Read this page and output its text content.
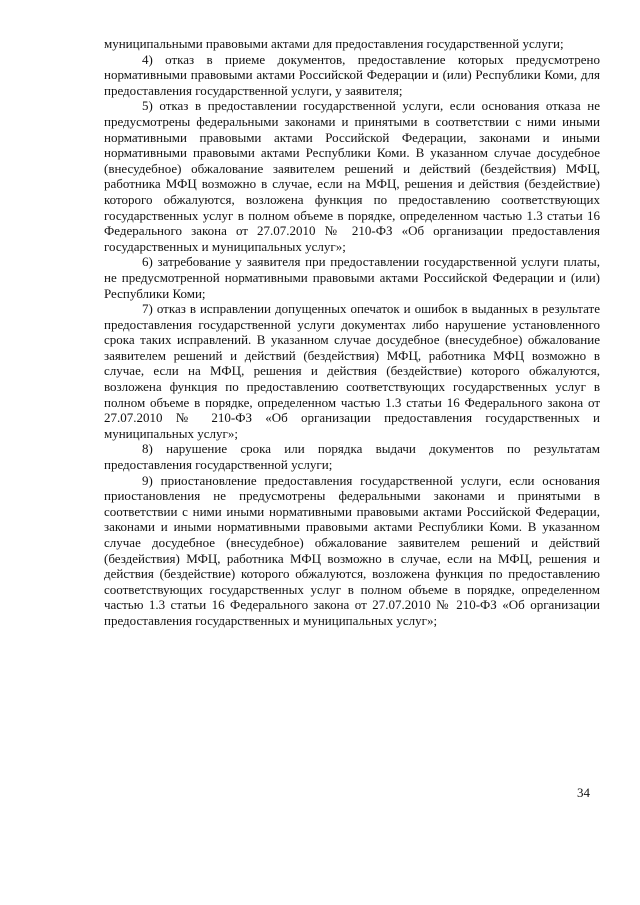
муниципальными правовыми актами для предоставления государственной услуги;

4) отказ в приеме документов, предоставление которых предусмотрено нормативными правовыми актами Российской Федерации и (или) Республики Коми, для предоставления государственной услуги, у заявителя;

5) отказ в предоставлении государственной услуги, если основания отказа не предусмотрены федеральными законами и принятыми в соответствии с ними иными нормативными правовыми актами Российской Федерации, законами и иными нормативными правовыми актами Республики Коми. В указанном случае досудебное (внесудебное) обжалование заявителем решений и действий (бездействия) МФЦ, работника МФЦ возможно в случае, если на МФЦ, решения и действия (бездействие) которого обжалуются, возложена функция по предоставлению соответствующих государственных услуг в полном объеме в порядке, определенном частью 1.3 статьи 16 Федерального закона от 27.07.2010 № 210-ФЗ «Об организации предоставления государственных и муниципальных услуг»;

6) затребование у заявителя при предоставлении государственной услуги платы, не предусмотренной нормативными правовыми актами Российской Федерации и (или) Республики Коми;

7) отказ в исправлении допущенных опечаток и ошибок в выданных в результате предоставления государственной услуги документах либо нарушение установленного срока таких исправлений. В указанном случае досудебное (внесудебное) обжалование заявителем решений и действий (бездействия) МФЦ, работника МФЦ возможно в случае, если на МФЦ, решения и действия (бездействие) которого обжалуются, возложена функция по предоставлению соответствующих государственных услуг в полном объеме в порядке, определенном частью 1.3 статьи 16 Федерального закона от 27.07.2010 № 210-ФЗ «Об организации предоставления государственных и муниципальных услуг»;

8) нарушение срока или порядка выдачи документов по результатам предоставления государственной услуги;

9) приостановление предоставления государственной услуги, если основания приостановления не предусмотрены федеральными законами и принятыми в соответствии с ними иными нормативными правовыми актами Российской Федерации, законами и иными нормативными правовыми актами Республики Коми. В указанном случае досудебное (внесудебное) обжалование заявителем решений и действий (бездействия) МФЦ, работника МФЦ возможно в случае, если на МФЦ, решения и действия (бездействие) которого обжалуются, возложена функция по предоставлению соответствующих государственных услуг в полном объеме в порядке, определенном частью 1.3 статьи 16 Федерального закона от 27.07.2010 № 210-ФЗ «Об организации предоставления государственных и муниципальных услуг»;

34
